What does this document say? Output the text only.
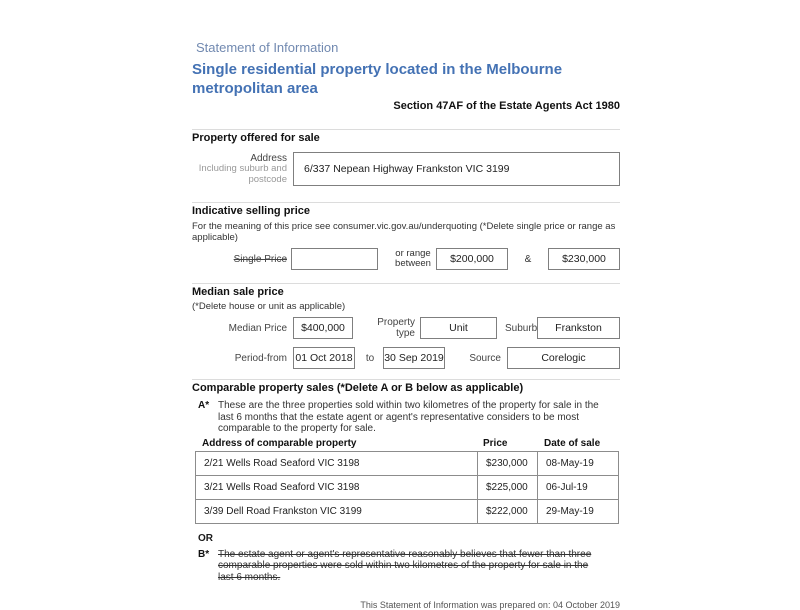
Statement of Information
Single residential property located in the Melbourne metropolitan area
Section 47AF of the Estate Agents Act 1980
Property offered for sale
Address
Including suburb and postcode
6/337 Nepean Highway Frankston VIC 3199
Indicative selling price
For the meaning of this price see consumer.vic.gov.au/underquoting (*Delete single price or range as applicable)
Single Price
or range between	$200,000	&	$230,000
Median sale price
(*Delete house or unit as applicable)
Median Price	$400,000	Property type	Unit	Suburb	Frankston
Period-from 01 Oct 2018 to 30 Sep 2019	Source	Corelogic
Comparable property sales (*Delete A or B below as applicable)
A* These are the three properties sold within two kilometres of the property for sale in the last 6 months that the estate agent or agent's representative considers to be most comparable to the property for sale.
Address of comparable property	Price	Date of sale
2/21 Wells Road Seaford VIC 3198	$230,000	08-May-19
3/21 Wells Road Seaford VIC 3198	$225,000	06-Jul-19
3/39 Dell Road Frankston VIC 3199	$222,000	29-May-19
OR
B* The estate agent or agent's representative reasonably believes that fewer than three comparable properties were sold within two kilometres of the property for sale in the last 6 months.
This Statement of Information was prepared on: 04 October 2019
